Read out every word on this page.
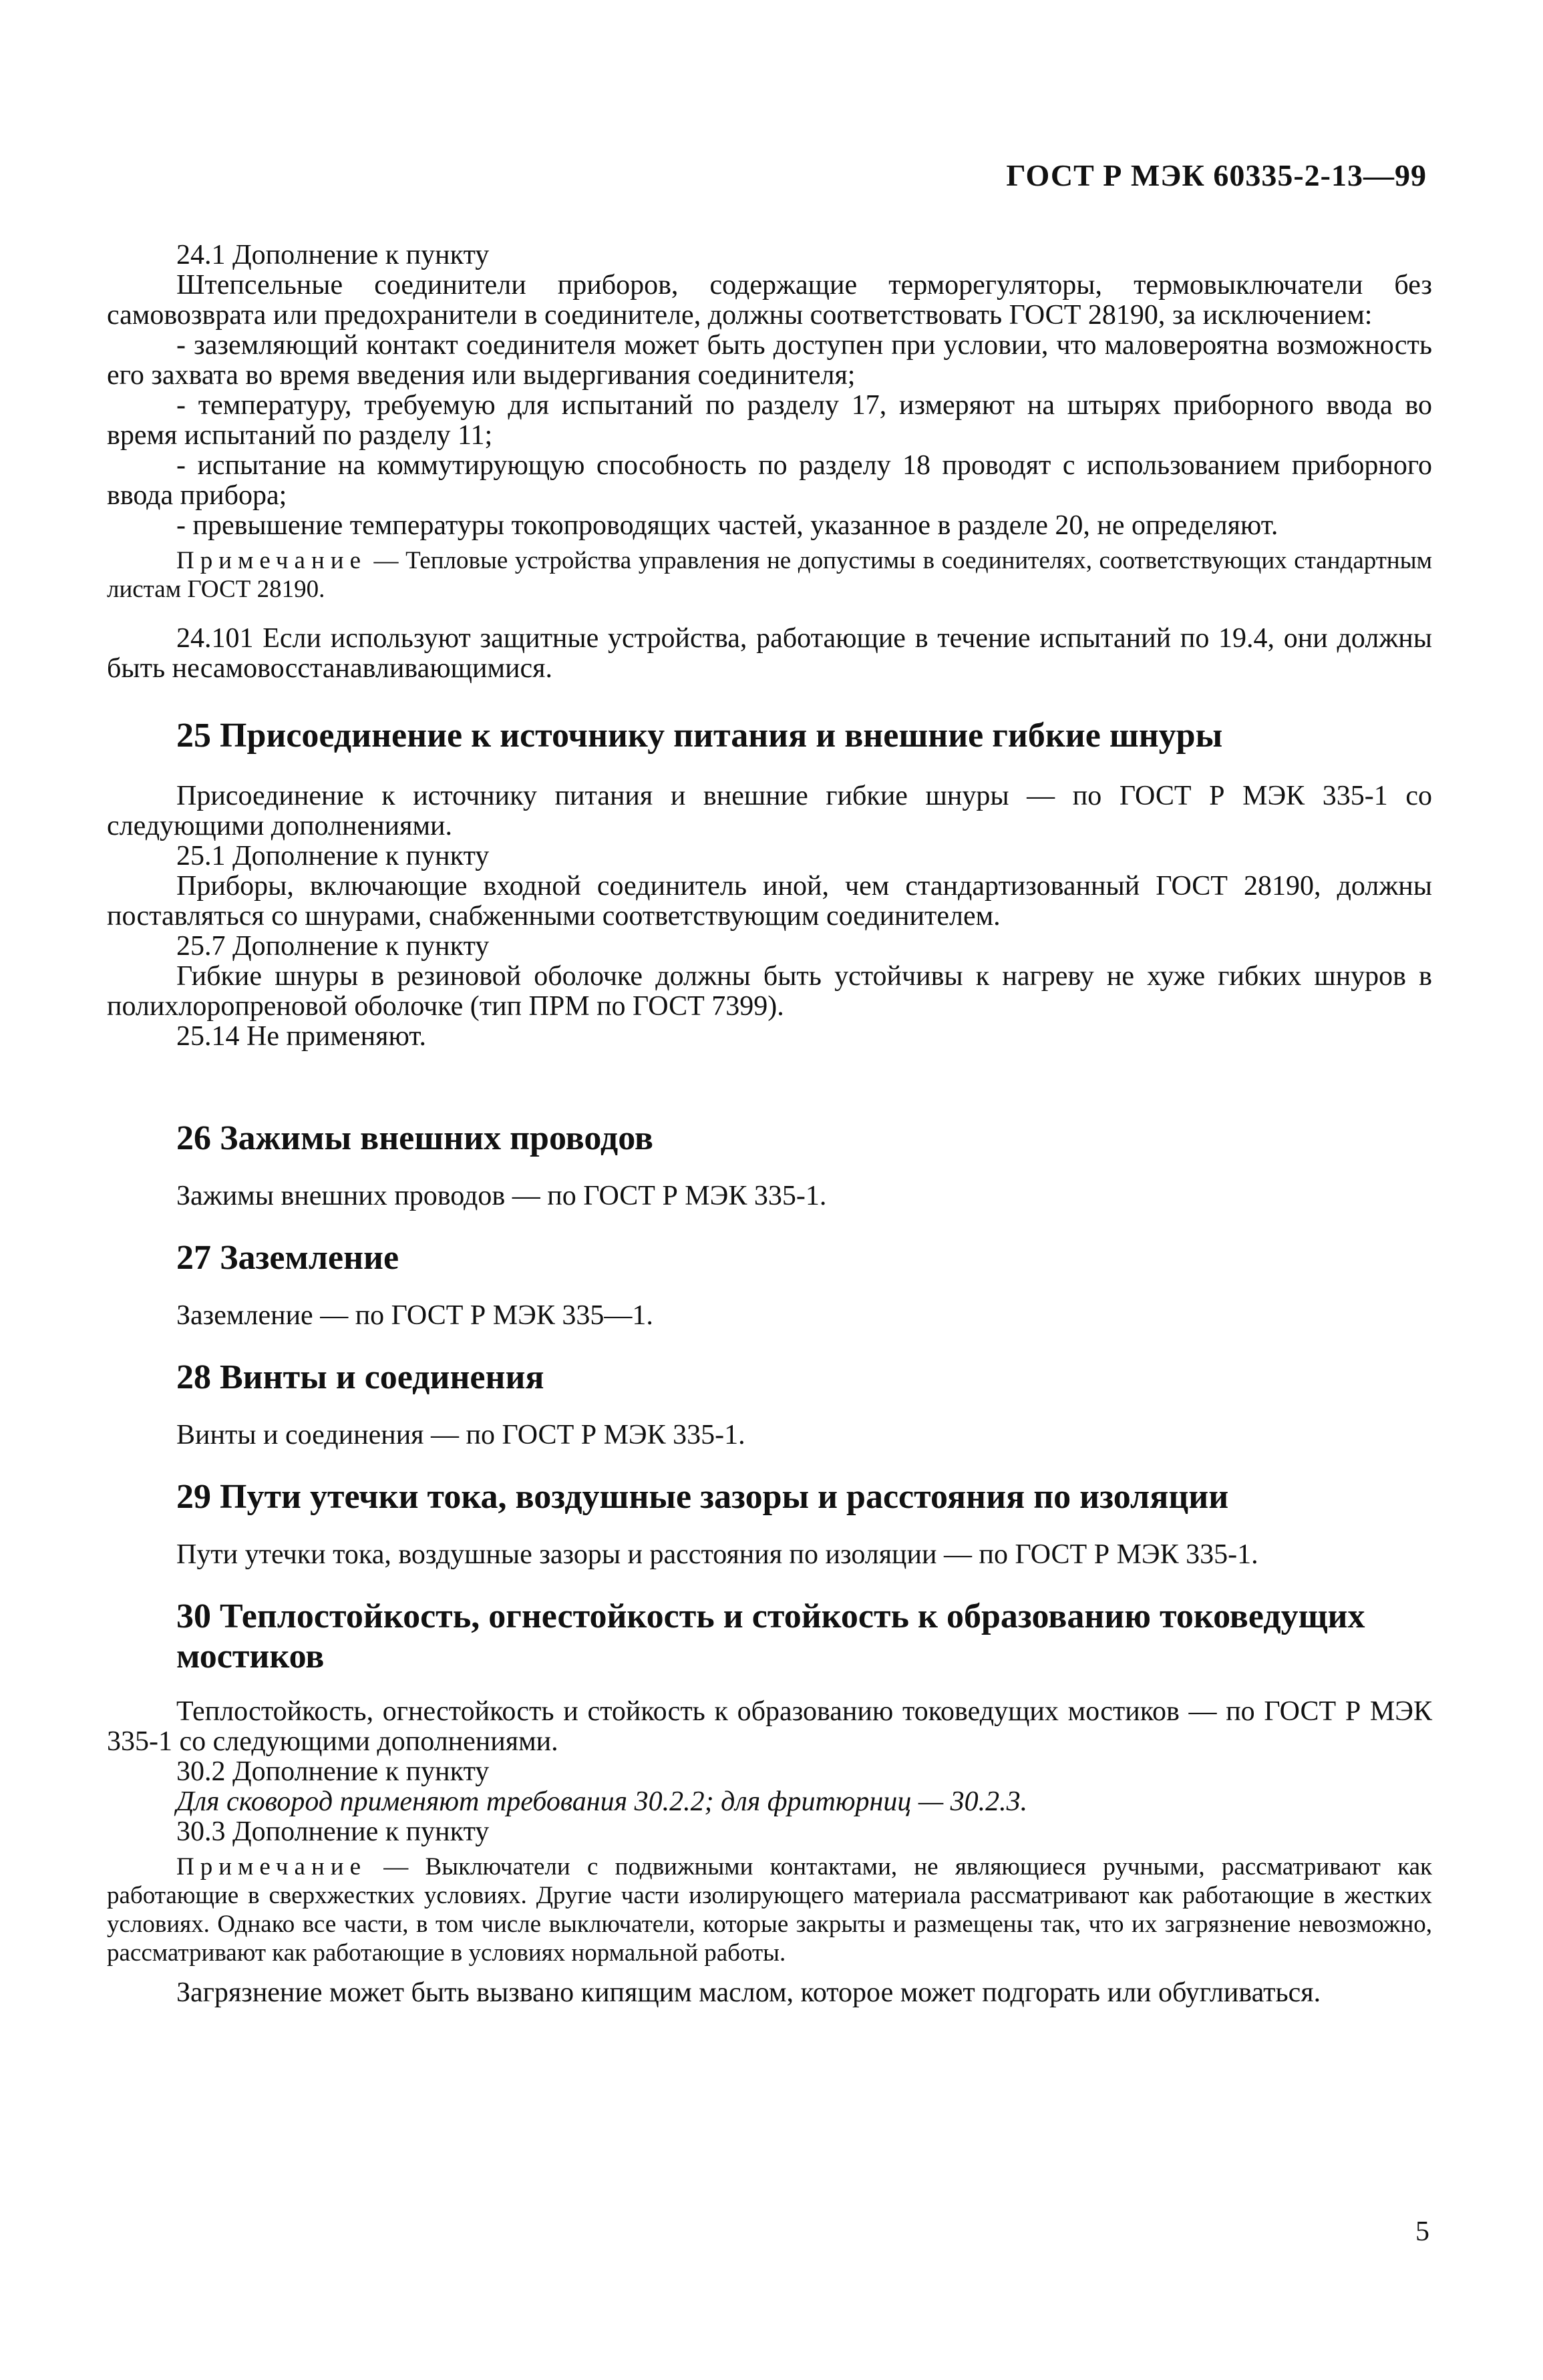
ГОСТ Р МЭК 60335-2-13—99

24.1 Дополнение к пункту

Штепсельные соединители приборов, содержащие терморегуляторы, термовыключатели без самовозврата или предохранители в соединителе, должны соответствовать ГОСТ 28190, за исключением:

- заземляющий контакт соединителя может быть доступен при условии, что маловероятна возможность его захвата во время введения или выдергивания соединителя;

- температуру, требуемую для испытаний по разделу 17, измеряют на штырях приборного ввода во время испытаний по разделу 11;

- испытание на коммутирующую способность по разделу 18 проводят с использованием приборного ввода прибора;

- превышение температуры токопроводящих частей, указанное в разделе 20, не определяют.

Примечание — Тепловые устройства управления не допустимы в соединителях, соответствующих стандартным листам ГОСТ 28190.

24.101 Если используют защитные устройства, работающие в течение испытаний по 19.4, они должны быть несамовосстанавливающимися.

25 Присоединение к источнику питания и внешние гибкие шнуры

Присоединение к источнику питания и внешние гибкие шнуры — по ГОСТ Р МЭК 335-1 со следующими дополнениями.

25.1 Дополнение к пункту

Приборы, включающие входной соединитель иной, чем стандартизованный ГОСТ 28190, должны поставляться со шнурами, снабженными соответствующим соединителем.

25.7 Дополнение к пункту

Гибкие шнуры в резиновой оболочке должны быть устойчивы к нагреву не хуже гибких шнуров в полихлоропреновой оболочке (тип ПРМ по ГОСТ 7399).

25.14 Не применяют.

26 Зажимы внешних проводов

Зажимы внешних проводов — по ГОСТ Р МЭК 335-1.

27 Заземление

Заземление — по ГОСТ Р МЭК 335—1.

28 Винты и соединения

Винты и соединения — по ГОСТ Р МЭК 335-1.

29 Пути утечки тока, воздушные зазоры и расстояния по изоляции

Пути утечки тока, воздушные зазоры и расстояния по изоляции — по ГОСТ Р МЭК 335-1.

30 Теплостойкость, огнестойкость и стойкость к образованию токоведущих мостиков

Теплостойкость, огнестойкость и стойкость к образованию токоведущих мостиков — по ГОСТ Р МЭК 335-1 со следующими дополнениями.

30.2 Дополнение к пункту

Для сковород применяют требования 30.2.2; для фритюрниц — 30.2.3.

30.3 Дополнение к пункту

Примечание — Выключатели с подвижными контактами, не являющиеся ручными, рассматривают как работающие в сверхжестких условиях. Другие части изолирующего материала рассматривают как работающие в жестких условиях. Однако все части, в том числе выключатели, которые закрыты и размещены так, что их загрязнение невозможно, рассматривают как работающие в условиях нормальной работы.

Загрязнение может быть вызвано кипящим маслом, которое может подгорать или обугливаться.

5
